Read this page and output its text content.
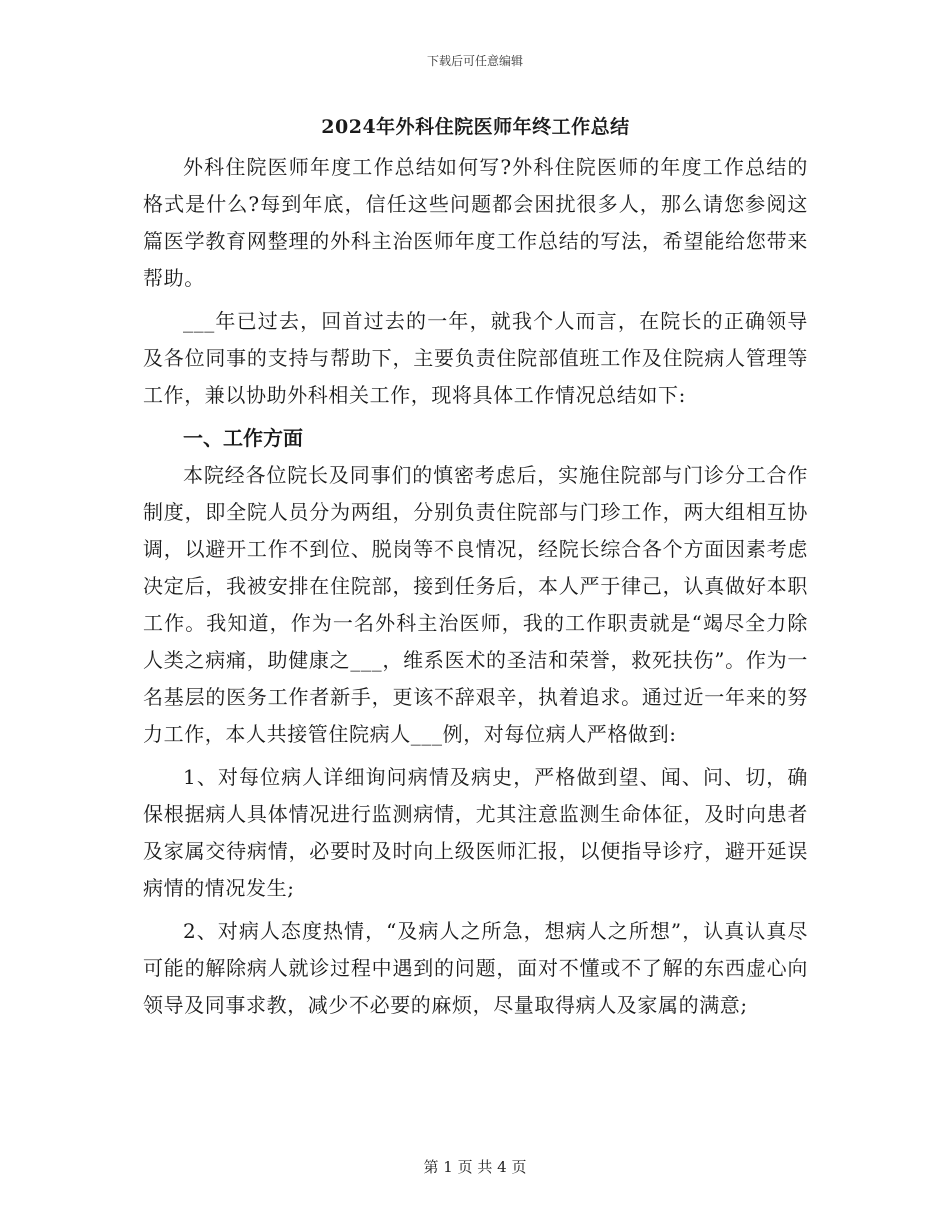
下载后可任意编辑
2024年外科住院医师年终工作总结

外科住院医师年度工作总结如何写?外科住院医师的年度工作总结的格式是什么?每到年底，信任这些问题都会困扰很多人，那么请您参阅这篇医学教育网整理的外科主治医师年度工作总结的写法，希望能给您带来帮助。

___年已过去，回首过去的一年，就我个人而言，在院长的正确领导及各位同事的支持与帮助下，主要负责住院部值班工作及住院病人管理等工作，兼以协助外科相关工作，现将具体工作情况总结如下:

一、工作方面

本院经各位院长及同事们的慎密考虑后，实施住院部与门诊分工合作制度，即全院人员分为两组，分别负责住院部与门珍工作，两大组相互协调，以避开工作不到位、脱岗等不良情况，经院长综合各个方面因素考虑决定后，我被安排在住院部，接到任务后，本人严于律己，认真做好本职工作。我知道，作为一名外科主治医师，我的工作职责就是“竭尽全力除人类之病痛，助健康之___，维系医术的圣洁和荣誉，救死扶伤”。作为一名基层的医务工作者新手，更该不辞艰辛，执着追求。通过近一年来的努力工作，本人共接管住院病人___例，对每位病人严格做到:

1、对每位病人详细询问病情及病史，严格做到望、闻、问、切，确保根据病人具体情况进行监测病情，尤其注意监测生命体征，及时向患者及家属交待病情，必要时及时向上级医师汇报，以便指导诊疗，避开延误病情的情况发生;

2、对病人态度热情，“及病人之所急，想病人之所想”，认真认真尽可能的解除病人就诊过程中遇到的问题，面对不懂或不了解的东西虚心向领导及同事求教，减少不必要的麻烦，尽量取得病人及家属的满意;

第 1 页 共 4 页
